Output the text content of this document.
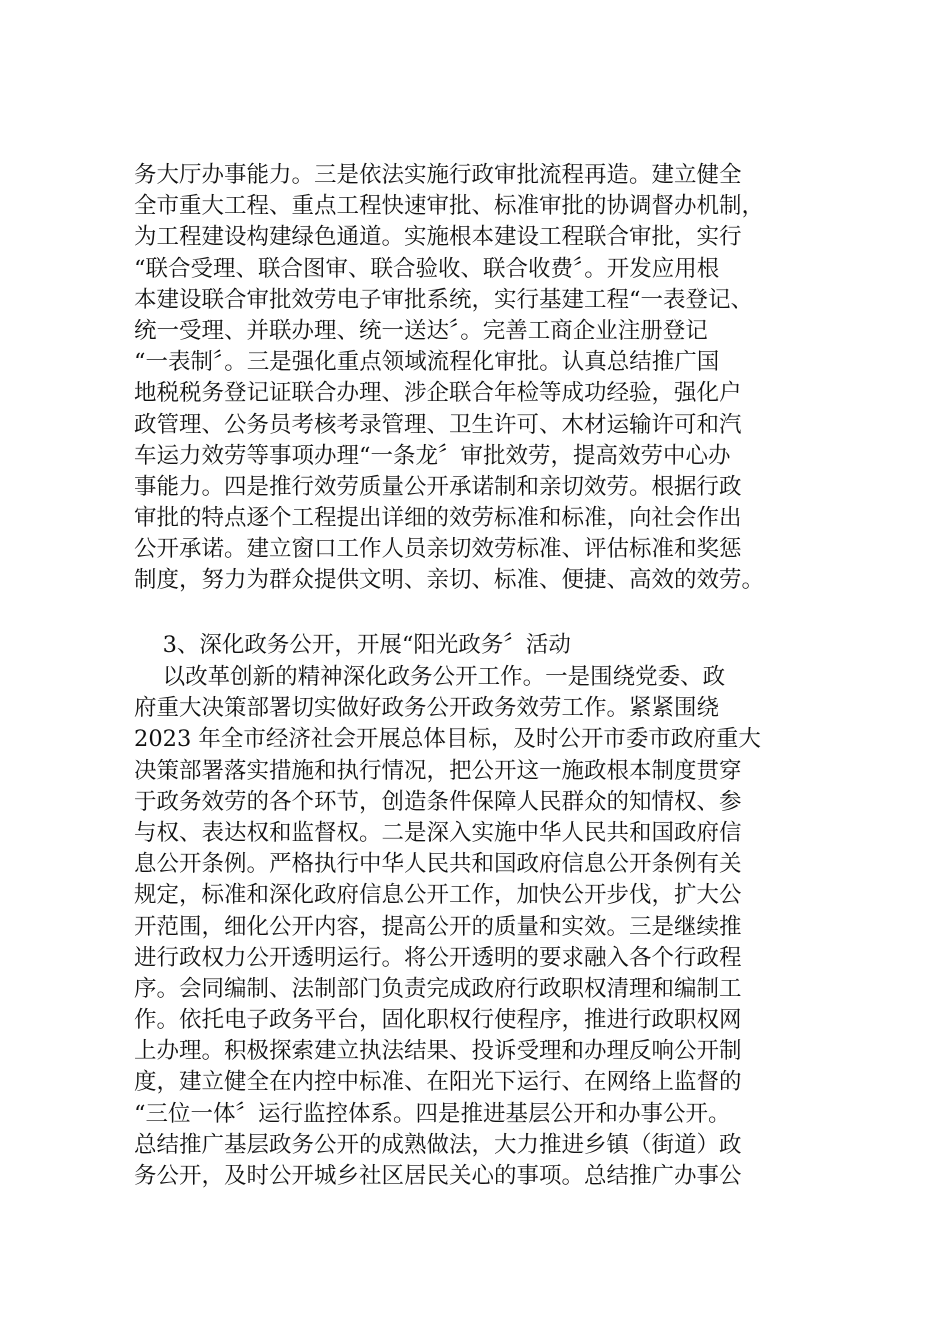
务大厅办事能力。三是依法实施行政审批流程再造。建立健全
全市重大工程、重点工程快速审批、标准审批的协调督办机制，
为工程建设构建绿色通道。实施根本建设工程联合审批，实行
“联合受理、联合图审、联合验收、联合收费〞。开发应用根
本建设联合审批效劳电子审批系统，实行基建工程“一表登记、
统一受理、并联办理、统一送达〞。完善工商企业注册登记
“一表制〞。三是强化重点领域流程化审批。认真总结推广国
地税税务登记证联合办理、涉企联合年检等成功经验，强化户
政管理、公务员考核考录管理、卫生许可、木材运输许可和汽
车运力效劳等事项办理“一条龙〞审批效劳，提高效劳中心办
事能力。四是推行效劳质量公开承诺制和亲切效劳。根据行政
审批的特点逐个工程提出详细的效劳标准和标准，向社会作出
公开承诺。建立窗口工作人员亲切效劳标准、评估标准和奖惩
制度，努力为群众提供文明、亲切、标准、便捷、高效的效劳。
3、深化政务公开，开展“阳光政务〞活动
以改革创新的精神深化政务公开工作。一是围绕党委、政
府重大决策部署切实做好政务公开政务效劳工作。紧紧围绕
2023 年全市经济社会开展总体目标，及时公开市委市政府重大
决策部署落实措施和执行情况，把公开这一施政根本制度贯穿
于政务效劳的各个环节，创造条件保障人民群众的知情权、参
与权、表达权和监督权。二是深入实施中华人民共和国政府信
息公开条例。严格执行中华人民共和国政府信息公开条例有关
规定，标准和深化政府信息公开工作，加快公开步伐，扩大公
开范围，细化公开内容，提高公开的质量和实效。三是继续推
进行政权力公开透明运行。将公开透明的要求融入各个行政程
序。会同编制、法制部门负责完成政府行政职权清理和编制工
作。依托电子政务平台，固化职权行使程序，推进行政职权网
上办理。积极探索建立执法结果、投诉受理和办理反响公开制
度，建立健全在内控中标准、在阳光下运行、在网络上监督的
“三位一体〞运行监控体系。四是推进基层公开和办事公开。
总结推广基层政务公开的成熟做法，大力推进乡镇（街道）政
务公开，及时公开城乡社区居民关心的事项。总结推广办事公
